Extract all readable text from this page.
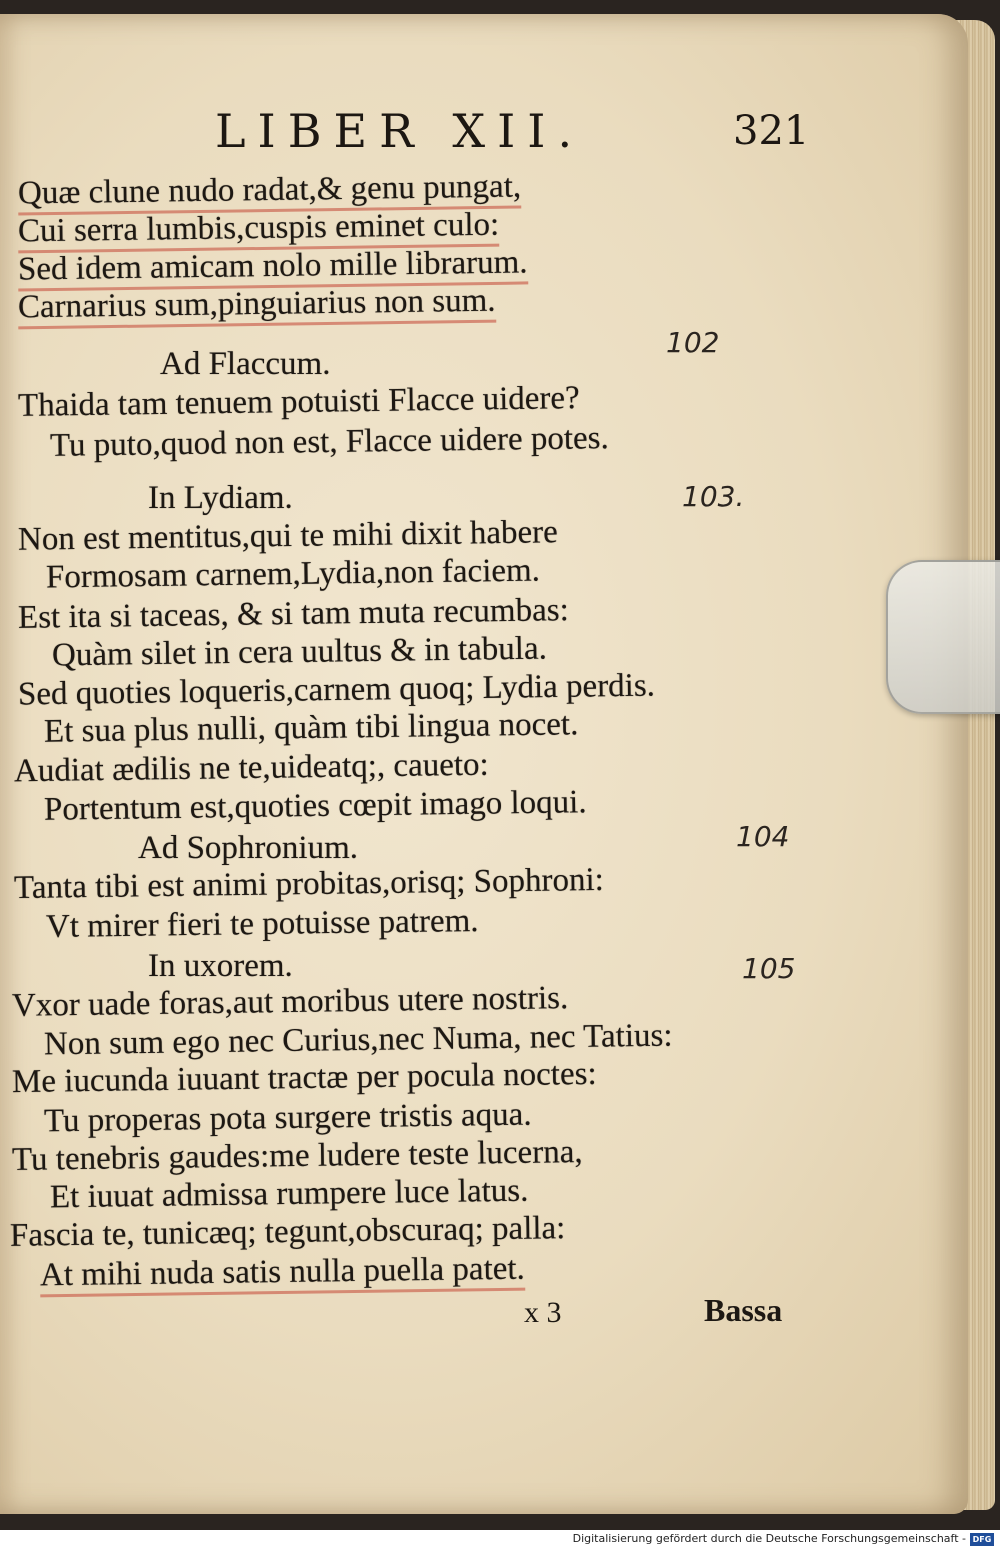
LIBER XII.	321
Quæ clune nudo radat,& genu pungat,
Cui serra lumbis,cuspis eminet culo:
Sed idem amicam nolo mille librarum.
Carnarius sum,pinguiarius non sum.
Ad Flaccum.
Thaida tam tenuem potuisti Flacce uidere?
Tu puto,quod non est, Flacce uidere potes.
In Lydiam.
Non est mentitus,qui te mihi dixit habere
Formosam carnem,Lydia,non faciem.
Est ita si taceas, & si tam muta recumbas:
Quàm silet in cera uultus & in tabula.
Sed quoties loqueris,carnem quoq; Lydia perdis.
Et sua plus nulli, quàm tibi lingua nocet.
Audiat ædilis ne te,uideatq;, caueto:
Portentum est,quoties cœpit imago loqui.
Ad Sophronium.
Tanta tibi est animi probitas,orisq; Sophroni:
Vt mirer fieri te potuisse patrem.
In uxorem.
Vxor uade foras,aut moribus utere nostris.
Non sum ego nec Curius,nec Numa, nec Tatius:
Me iucunda iuuant tractæ per pocula noctes:
Tu properas pota surgere tristis aqua.
Tu tenebris gaudes:me ludere teste lucerna,
Et iuuat admissa rumpere luce latus.
Fascia te, tunicæq; tegunt,obscuraq; palla:
At mihi nuda satis nulla puella patet.
102
103.
104
105
x 3	Bassa
Digitalisierung gefördert durch die Deutsche Forschungsgemeinschaft - DFG
